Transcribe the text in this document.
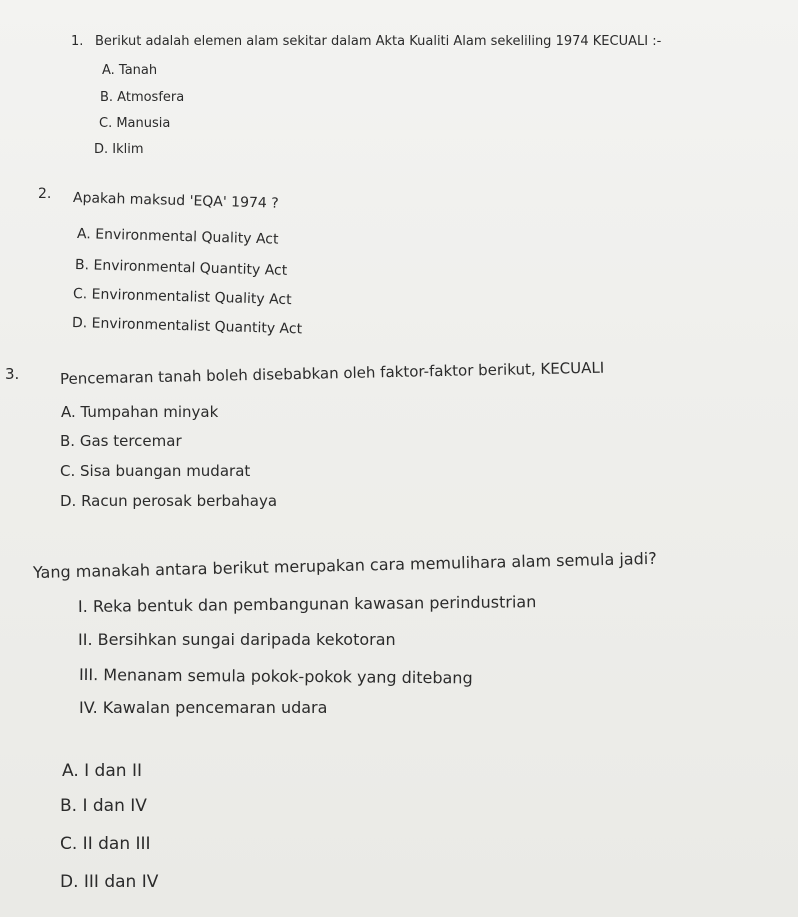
1. Berikut adalah elemen alam sekitar dalam Akta Kualiti Alam sekeliling 1974 KECUALI :-
A. Tanah
B. Atmosfera
C. Manusia
D. Iklim
2. Apakah maksud 'EQA' 1974 ?
A. Environmental Quality Act
B. Environmental Quantity Act
C. Environmentalist Quality Act
D. Environmentalist Quantity Act
3.	Pencemaran tanah boleh disebabkan oleh faktor-faktor berikut, KECUALI
A. Tumpahan minyak
B. Gas tercemar
C. Sisa buangan mudarat
D. Racun perosak berbahaya
Yang manakah antara berikut merupakan cara memulihara alam semula jadi?
I. Reka bentuk dan pembangunan kawasan perindustrian
II. Bersihkan sungai daripada kekotoran
III. Menanam semula pokok-pokok yang ditebang
IV. Kawalan pencemaran udara
A. I dan II
B. I dan IV
C. II dan III
D. III dan IV
